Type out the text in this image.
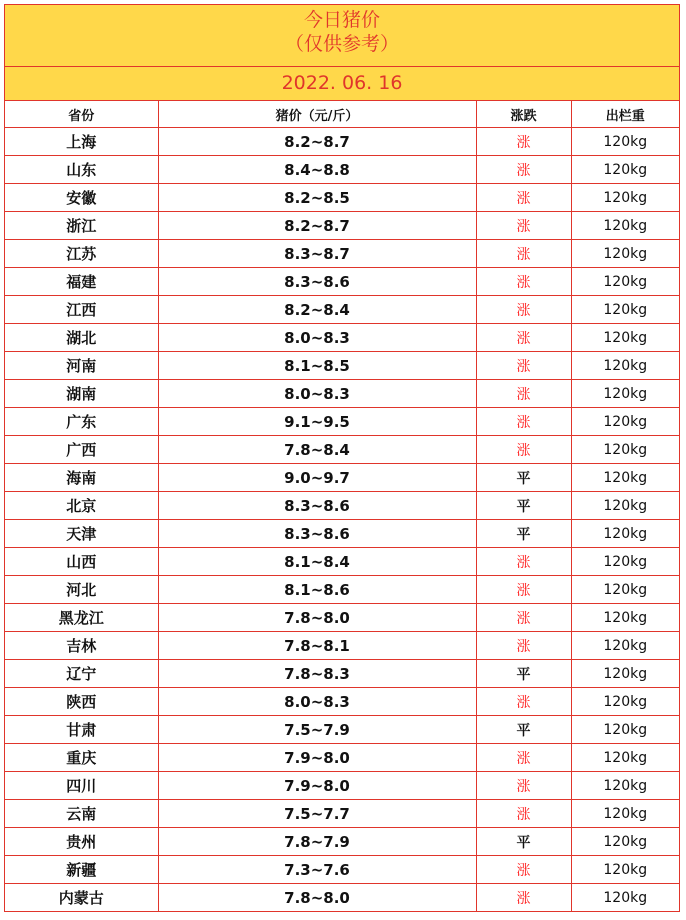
今日猪价
（仅供参考）
2022. 06. 16
省份	猪价（元/斤）	涨跌	出栏重
上海	8.2~8.7	涨	120kg
山东	8.4~8.8	涨	120kg
安徽	8.2~8.5	涨	120kg
浙江	8.2~8.7	涨	120kg
江苏	8.3~8.7	涨	120kg
福建	8.3~8.6	涨	120kg
江西	8.2~8.4	涨	120kg
湖北	8.0~8.3	涨	120kg
河南	8.1~8.5	涨	120kg
湖南	8.0~8.3	涨	120kg
广东	9.1~9.5	涨	120kg
广西	7.8~8.4	涨	120kg
海南	9.0~9.7	平	120kg
北京	8.3~8.6	平	120kg
天津	8.3~8.6	平	120kg
山西	8.1~8.4	涨	120kg
河北	8.1~8.6	涨	120kg
黑龙江	7.8~8.0	涨	120kg
吉林	7.8~8.1	涨	120kg
辽宁	7.8~8.3	平	120kg
陕西	8.0~8.3	涨	120kg
甘肃	7.5~7.9	平	120kg
重庆	7.9~8.0	涨	120kg
四川	7.9~8.0	涨	120kg
云南	7.5~7.7	涨	120kg
贵州	7.8~7.9	平	120kg
新疆	7.3~7.6	涨	120kg
内蒙古	7.8~8.0	涨	120kg
